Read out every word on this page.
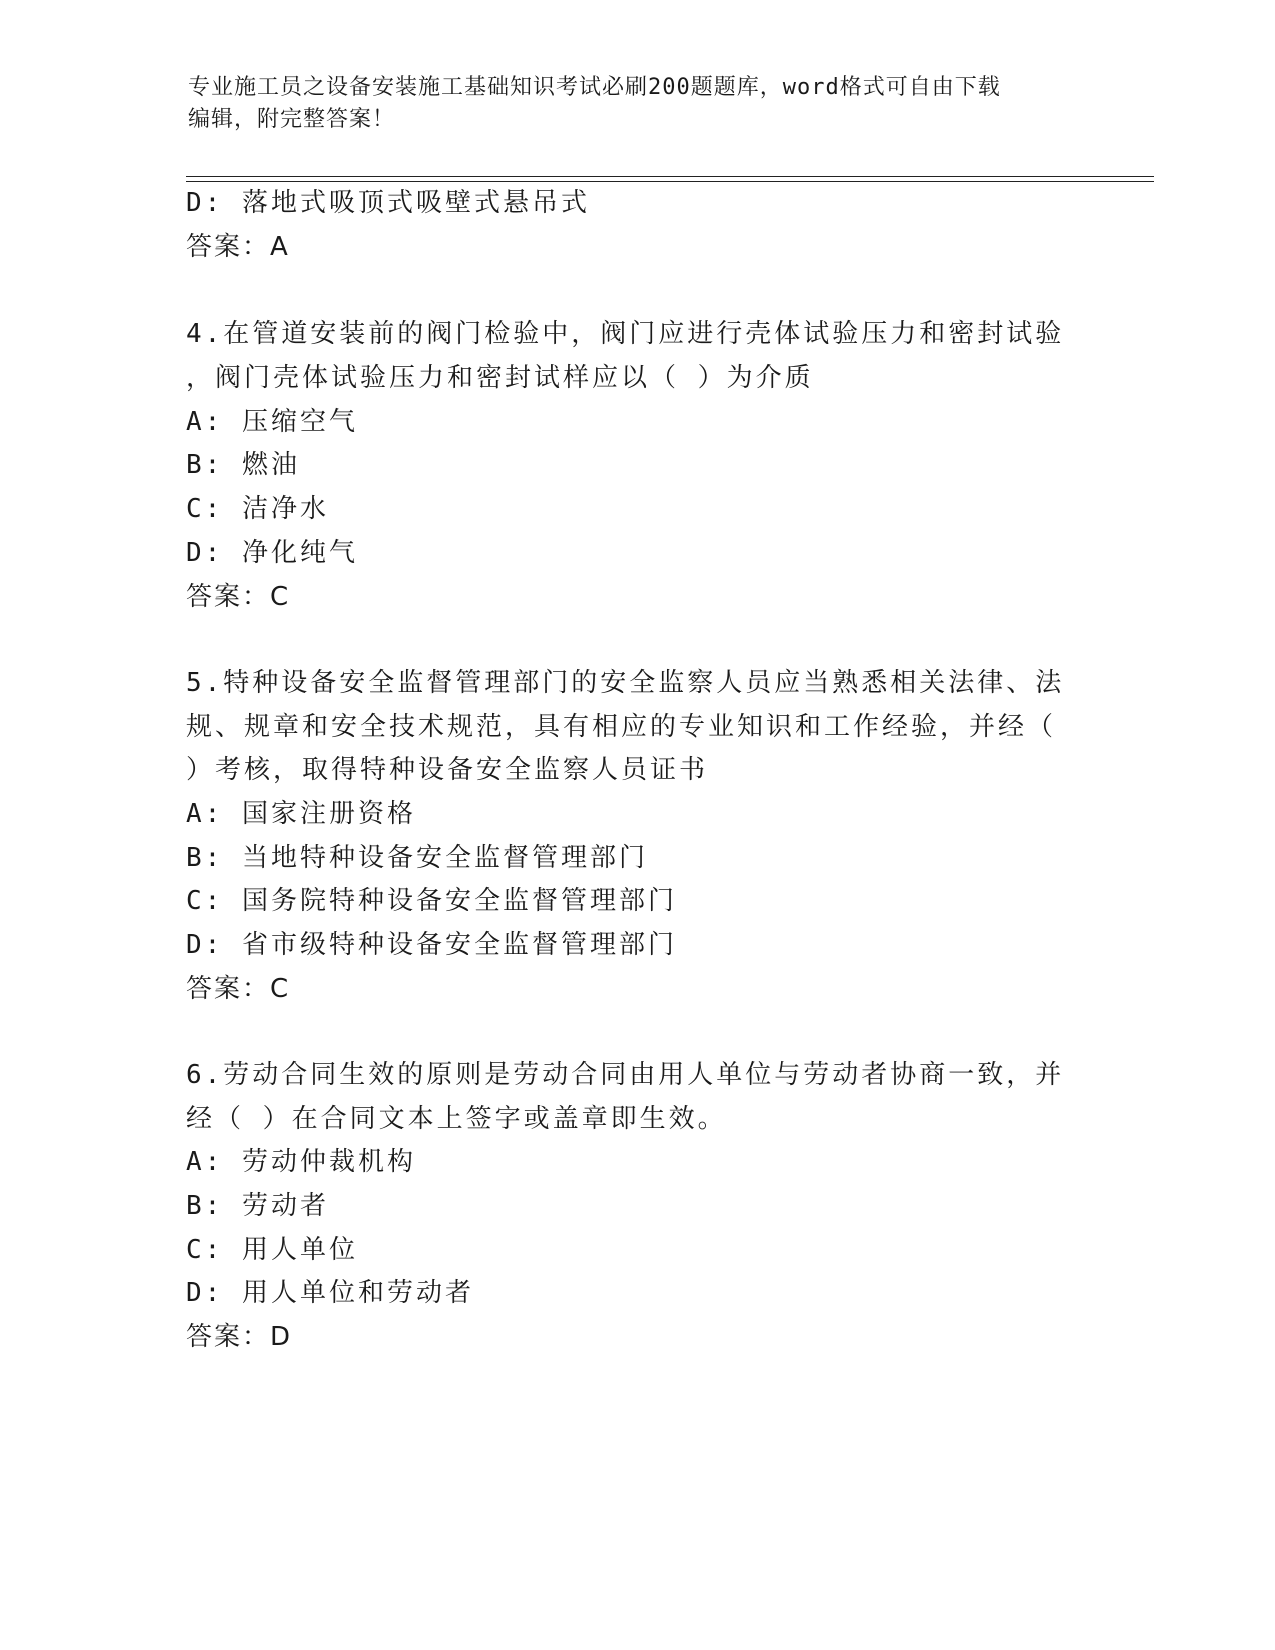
专业施工员之设备安装施工基础知识考试必刷200题题库，word格式可自由下载
编辑，附完整答案！
D: 落地式吸顶式吸壁式悬吊式
答案：A
4.在管道安装前的阀门检验中，阀门应进行壳体试验压力和密封试验
，阀门壳体试验压力和密封试样应以（ ）为介质
A: 压缩空气
B: 燃油
C: 洁净水
D: 净化纯气
答案：C
5.特种设备安全监督管理部门的安全监察人员应当熟悉相关法律、法
规、规章和安全技术规范，具有相应的专业知识和工作经验，并经（
）考核，取得特种设备安全监察人员证书
A: 国家注册资格
B: 当地特种设备安全监督管理部门
C: 国务院特种设备安全监督管理部门
D: 省市级特种设备安全监督管理部门
答案：C
6.劳动合同生效的原则是劳动合同由用人单位与劳动者协商一致，并
经（ ）在合同文本上签字或盖章即生效。
A: 劳动仲裁机构
B: 劳动者
C: 用人单位
D: 用人单位和劳动者
答案：D
